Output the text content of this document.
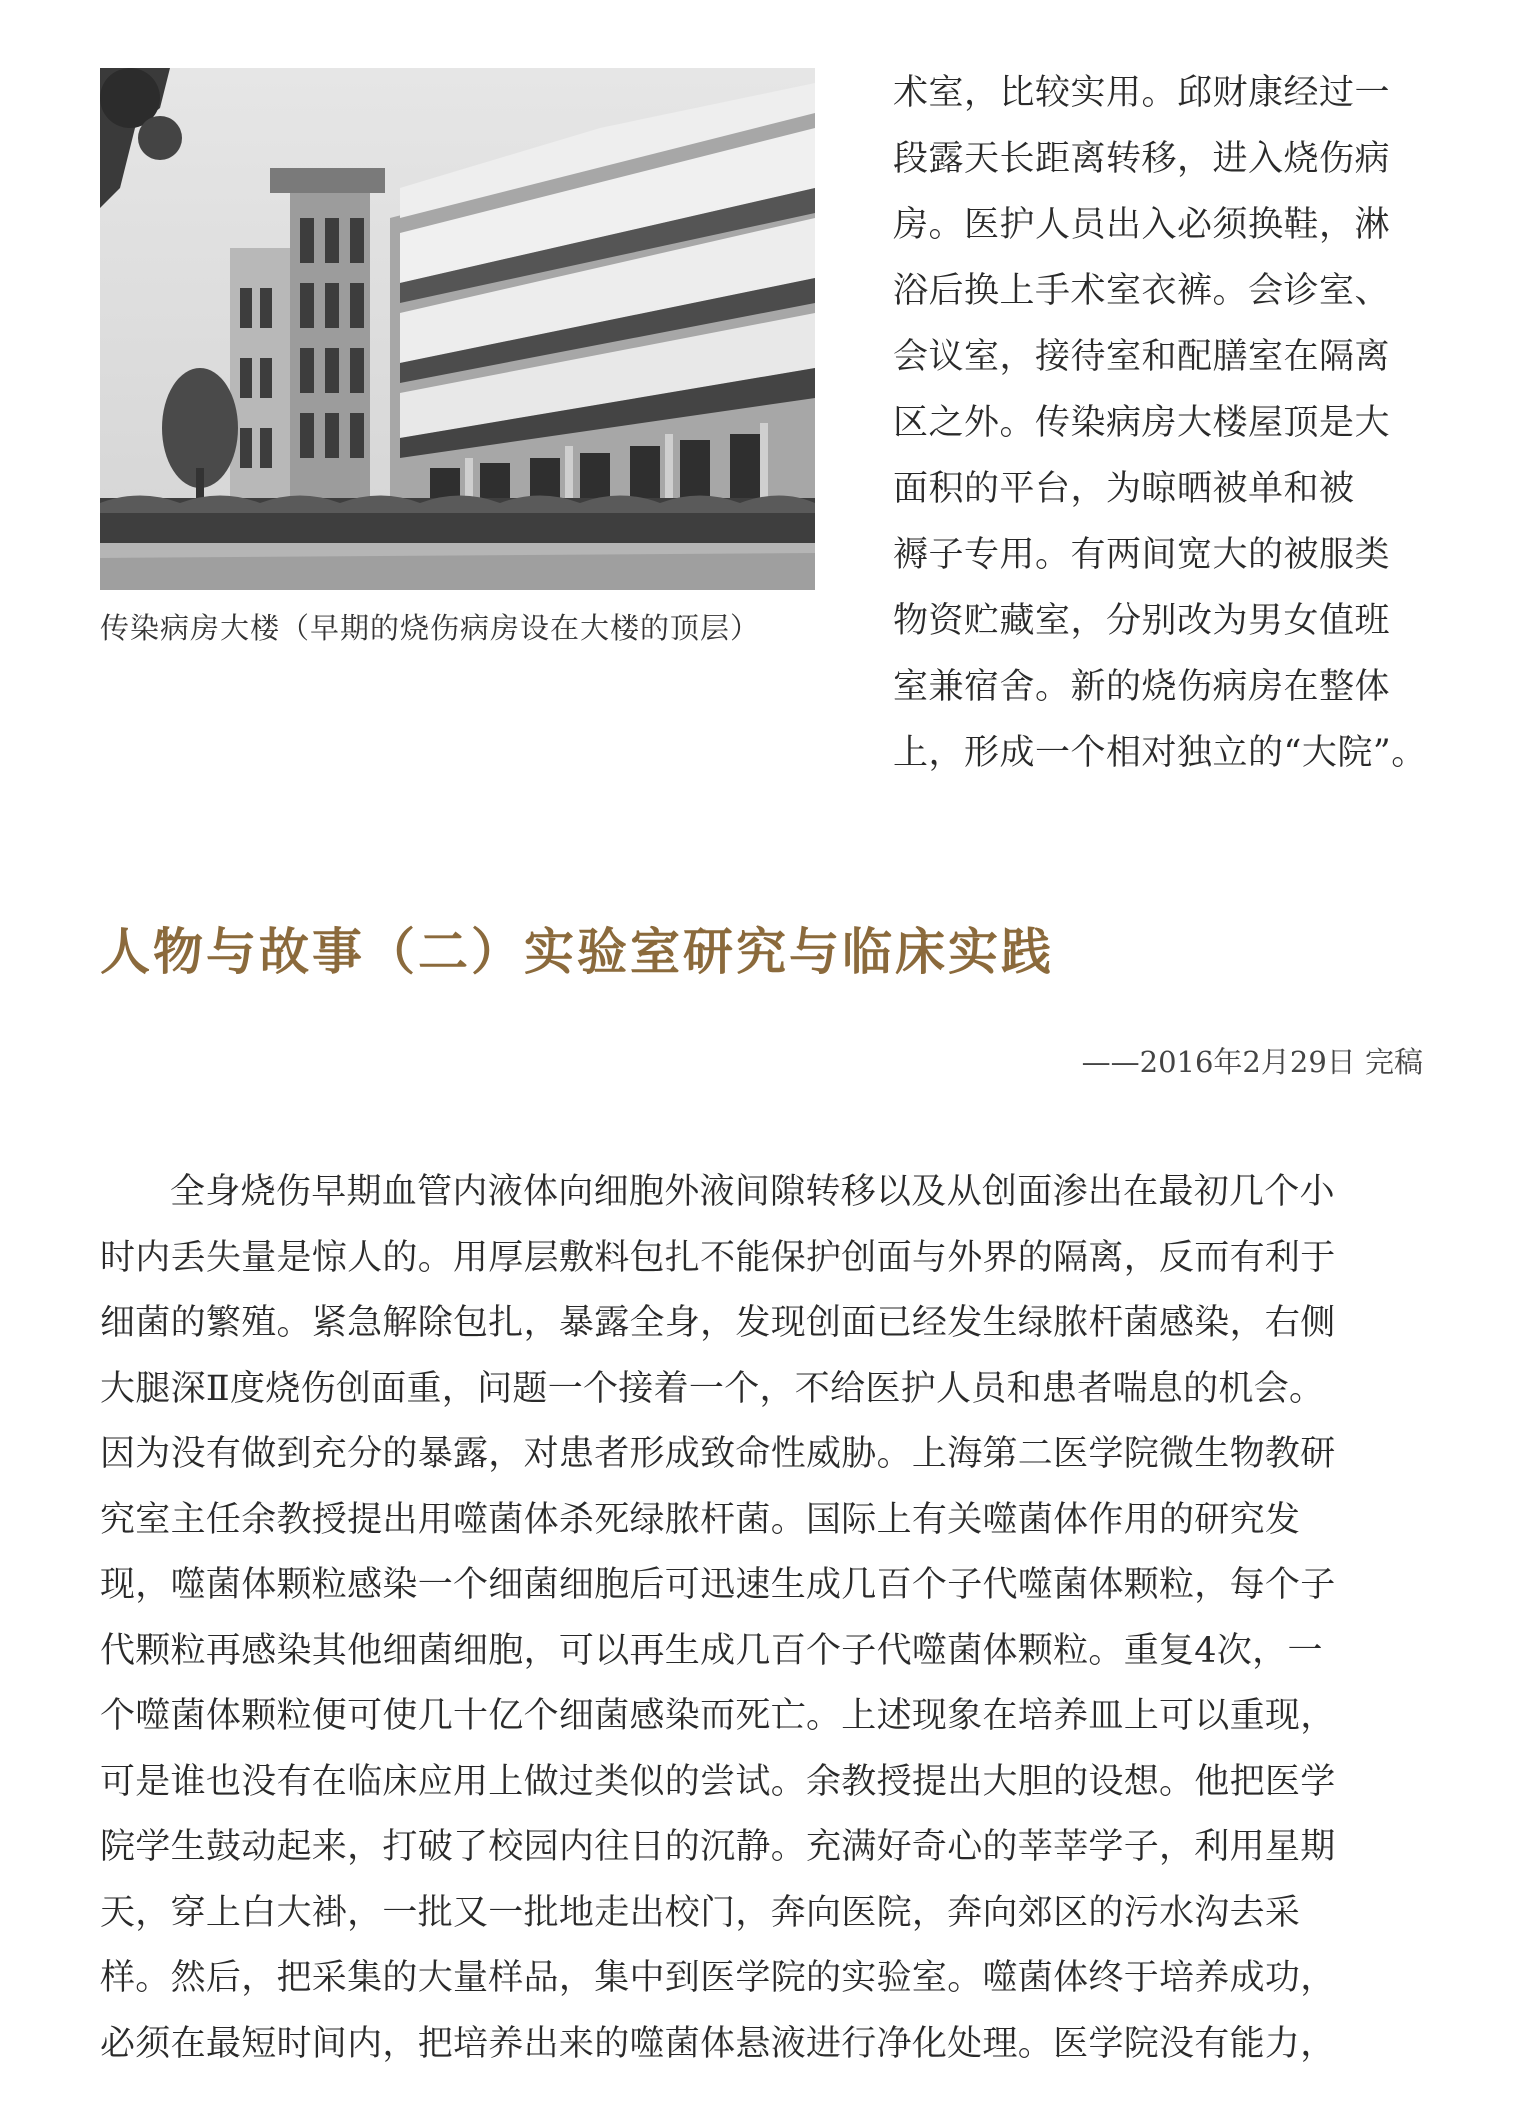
传染病房大楼（早期的烧伤病房设在大楼的顶层）

术室，比较实用。邱财康经过一

段露天长距离转移，进入烧伤病

房。医护人员出入必须换鞋，淋

浴后换上手术室衣裤。会诊室、

会议室，接待室和配膳室在隔离

区之外。传染病房大楼屋顶是大

面积的平台，为晾晒被单和被

褥子专用。有两间宽大的被服类

物资贮藏室，分别改为男女值班

室兼宿舍。新的烧伤病房在整体

上，形成一个相对独立的“大院”。

人物与故事（二）实验室研究与临床实践
——2016年2月29日 完稿

全身烧伤早期血管内液体向细胞外液间隙转移以及从创面渗出在最初几个小

时内丢失量是惊人的。用厚层敷料包扎不能保护创面与外界的隔离，反而有利于

细菌的繁殖。紧急解除包扎，暴露全身，发现创面已经发生绿脓杆菌感染，右侧

大腿深Ⅱ度烧伤创面重，问题一个接着一个，不给医护人员和患者喘息的机会。

因为没有做到充分的暴露，对患者形成致命性威胁。上海第二医学院微生物教研

究室主任余教授提出用噬菌体杀死绿脓杆菌。国际上有关噬菌体作用的研究发

现，噬菌体颗粒感染一个细菌细胞后可迅速生成几百个子代噬菌体颗粒，每个子

代颗粒再感染其他细菌细胞，可以再生成几百个子代噬菌体颗粒。重复4次，一

个噬菌体颗粒便可使几十亿个细菌感染而死亡。上述现象在培养皿上可以重现，

可是谁也没有在临床应用上做过类似的尝试。余教授提出大胆的设想。他把医学

院学生鼓动起来，打破了校园内往日的沉静。充满好奇心的莘莘学子，利用星期

天，穿上白大褂，一批又一批地走出校门，奔向医院，奔向郊区的污水沟去采

样。然后，把采集的大量样品，集中到医学院的实验室。噬菌体终于培养成功，

必须在最短时间内，把培养出来的噬菌体悬液进行净化处理。医学院没有能力，
